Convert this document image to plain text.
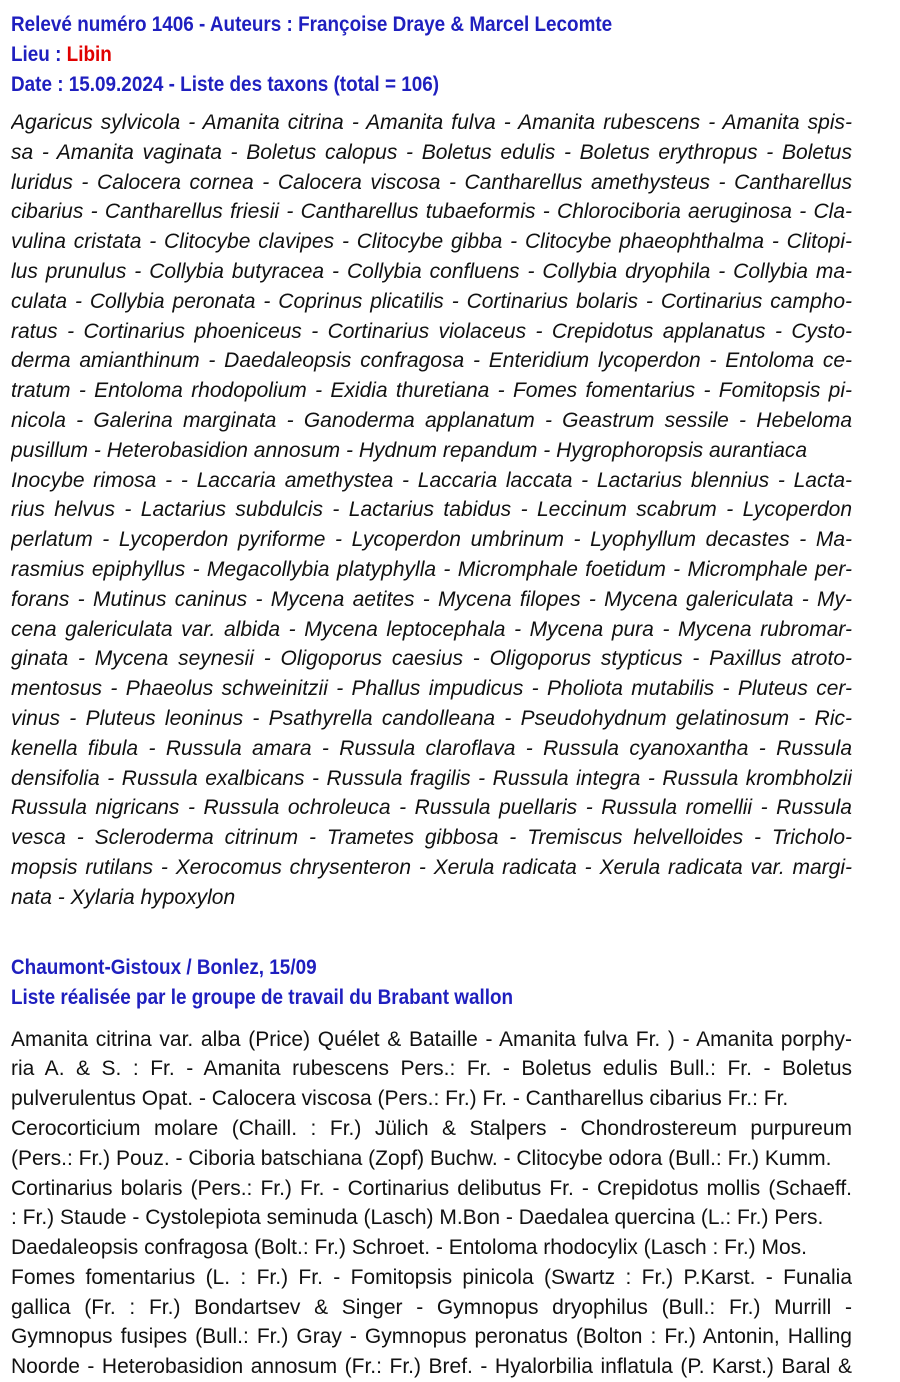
Relevé numéro 1406 - Auteurs : Françoise Draye & Marcel Lecomte
Lieu : Libin
Date : 15.09.2024 - Liste des taxons (total = 106)
Agaricus sylvicola - Amanita citrina - Amanita fulva - Amanita rubescens - Amanita spis-
sa - Amanita vaginata - Boletus calopus - Boletus edulis - Boletus erythropus - Boletus
luridus - Calocera cornea - Calocera viscosa - Cantharellus amethysteus - Cantharellus
cibarius - Cantharellus friesii - Cantharellus tubaeformis - Chlorociboria aeruginosa - Cla-
vulina cristata - Clitocybe clavipes - Clitocybe gibba - Clitocybe phaeophthalma - Clitopi-
lus prunulus - Collybia butyracea - Collybia confluens - Collybia dryophila - Collybia ma-
culata - Collybia peronata - Coprinus plicatilis - Cortinarius bolaris - Cortinarius campho-
ratus - Cortinarius phoeniceus - Cortinarius violaceus - Crepidotus applanatus - Cysto-
derma amianthinum - Daedaleopsis confragosa - Enteridium lycoperdon - Entoloma ce-
tratum - Entoloma rhodopolium - Exidia thuretiana - Fomes fomentarius - Fomitopsis pi-
nicola - Galerina marginata - Ganoderma applanatum - Geastrum sessile - Hebeloma
pusillum - Heterobasidion annosum - Hydnum repandum - Hygrophoropsis aurantiaca
Inocybe rimosa - - Laccaria amethystea - Laccaria laccata - Lactarius blennius - Lacta-
rius helvus - Lactarius subdulcis - Lactarius tabidus - Leccinum scabrum - Lycoperdon
perlatum - Lycoperdon pyriforme - Lycoperdon umbrinum - Lyophyllum decastes - Ma-
rasmius epiphyllus - Megacollybia platyphylla - Micromphale foetidum - Micromphale per-
forans - Mutinus caninus - Mycena aetites - Mycena filopes - Mycena galericulata - My-
cena galericulata var. albida - Mycena leptocephala - Mycena pura - Mycena rubromar-
ginata - Mycena seynesii - Oligoporus caesius - Oligoporus stypticus - Paxillus atroto-
mentosus - Phaeolus schweinitzii - Phallus impudicus - Pholiota mutabilis - Pluteus cer-
vinus - Pluteus leoninus - Psathyrella candolleana - Pseudohydnum gelatinosum - Ric-
kenella fibula - Russula amara - Russula claroflava - Russula cyanoxantha - Russula
densifolia - Russula exalbicans - Russula fragilis - Russula integra - Russula krombholzii
Russula nigricans - Russula ochroleuca - Russula puellaris - Russula romellii - Russula
vesca - Scleroderma citrinum - Trametes gibbosa - Tremiscus helvelloides - Tricholo-
mopsis rutilans - Xerocomus chrysenteron - Xerula radicata - Xerula radicata var. margi-
nata - Xylaria hypoxylon
Chaumont-Gistoux / Bonlez, 15/09
Liste réalisée par le groupe de travail du Brabant wallon
Amanita citrina var. alba (Price) Quélet & Bataille - Amanita fulva Fr. ) - Amanita porphy-
ria A. & S. : Fr. - Amanita rubescens Pers.: Fr. - Boletus edulis Bull.: Fr. - Boletus
pulverulentus Opat. - Calocera viscosa (Pers.: Fr.) Fr. - Cantharellus cibarius Fr.: Fr.
Cerocorticium molare (Chaill. : Fr.) Jülich & Stalpers - Chondrostereum purpureum
(Pers.: Fr.) Pouz. - Ciboria batschiana (Zopf) Buchw. - Clitocybe odora (Bull.: Fr.) Kumm.
Cortinarius bolaris (Pers.: Fr.) Fr. - Cortinarius delibutus Fr. - Crepidotus mollis (Schaeff.
: Fr.) Staude - Cystolepiota seminuda (Lasch) M.Bon - Daedalea quercina (L.: Fr.) Pers.
Daedaleopsis confragosa (Bolt.: Fr.) Schroet. - Entoloma rhodocylix (Lasch : Fr.) Mos.
Fomes fomentarius (L. : Fr.) Fr. - Fomitopsis pinicola (Swartz : Fr.) P.Karst. - Funalia
gallica (Fr. : Fr.) Bondartsev & Singer - Gymnopus dryophilus (Bull.: Fr.) Murrill -
Gymnopus fusipes (Bull.: Fr.) Gray - Gymnopus peronatus (Bolton : Fr.) Antonin, Halling
Noorde - Heterobasidion annosum (Fr.: Fr.) Bref. - Hyalorbilia inflatula (P. Karst.) Baral &
